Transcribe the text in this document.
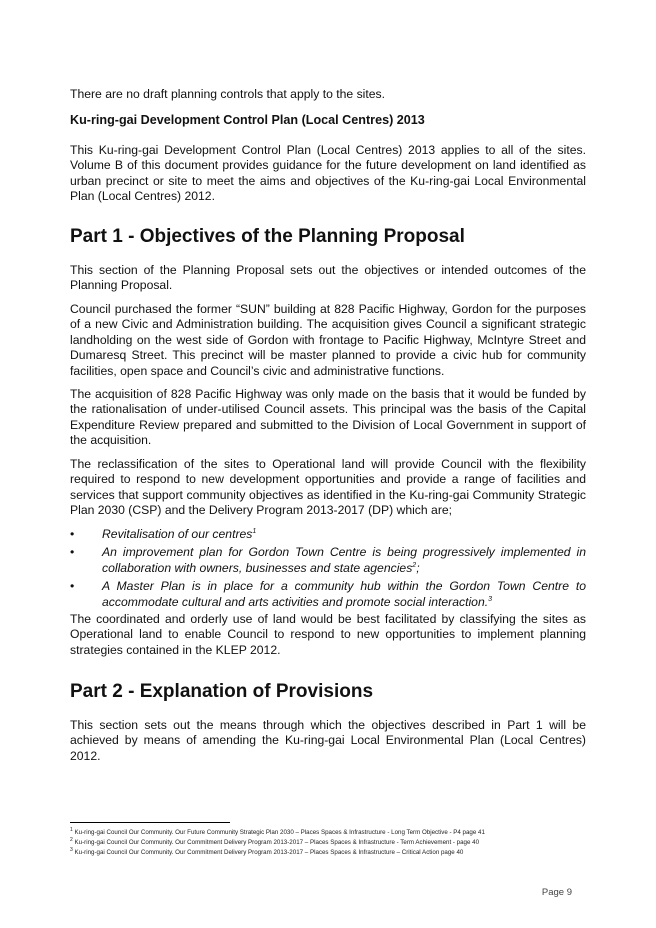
There are no draft planning controls that apply to the sites.

Ku-ring-gai Development Control Plan (Local Centres) 2013

This Ku-ring-gai Development Control Plan (Local Centres) 2013 applies to all of the sites. Volume B of this document provides guidance for the future development on land identified as urban precinct or site to meet the aims and objectives of the Ku-ring-gai Local Environmental Plan (Local Centres) 2012.

Part 1 - Objectives of the Planning Proposal

This section of the Planning Proposal sets out the objectives or intended outcomes of the Planning Proposal.

Council purchased the former “SUN” building at 828 Pacific Highway, Gordon for the purposes of a new Civic and Administration building. The acquisition gives Council a significant strategic landholding on the west side of Gordon with frontage to Pacific Highway, McIntyre Street and Dumaresq Street. This precinct will be master planned to provide a civic hub for community facilities, open space and Council’s civic and administrative functions.

The acquisition of 828 Pacific Highway was only made on the basis that it would be funded by the rationalisation of under-utilised Council assets. This principal was the basis of the Capital Expenditure Review prepared and submitted to the Division of Local Government in support of the acquisition.

The reclassification of the sites to Operational land will provide Council with the flexibility required to respond to new development opportunities and provide a range of facilities and services that support community objectives as identified in the Ku-ring-gai Community Strategic Plan 2030 (CSP) and the Delivery Program 2013-2017 (DP) which are;

• Revitalisation of our centres$^1$
• An improvement plan for Gordon Town Centre is being progressively implemented in collaboration with owners, businesses and state agencies$^2$;
• A Master Plan is in place for a community hub within the Gordon Town Centre to accommodate cultural and arts activities and promote social interaction.$^3$

The coordinated and orderly use of land would be best facilitated by classifying the sites as Operational land to enable Council to respond to new opportunities to implement planning strategies contained in the KLEP 2012.

Part 2 - Explanation of Provisions

This section sets out the means through which the objectives described in Part 1 will be achieved by means of amending the Ku-ring-gai Local Environmental Plan (Local Centres) 2012.

$^1$ Ku-ring-gai Council Our Community. Our Future Community Strategic Plan 2030 – Places Spaces & Infrastructure - Long Term Objective - P4 page 41
$^2$ Ku-ring-gai Council Our Community. Our Commitment Delivery Program 2013-2017 – Places Spaces & Infrastructure - Term Achievement - page 40
$^3$ Ku-ring-gai Council Our Community. Our Commitment Delivery Program 2013-2017 – Places Spaces & Infrastructure – Critical Action page 40
Page 9
